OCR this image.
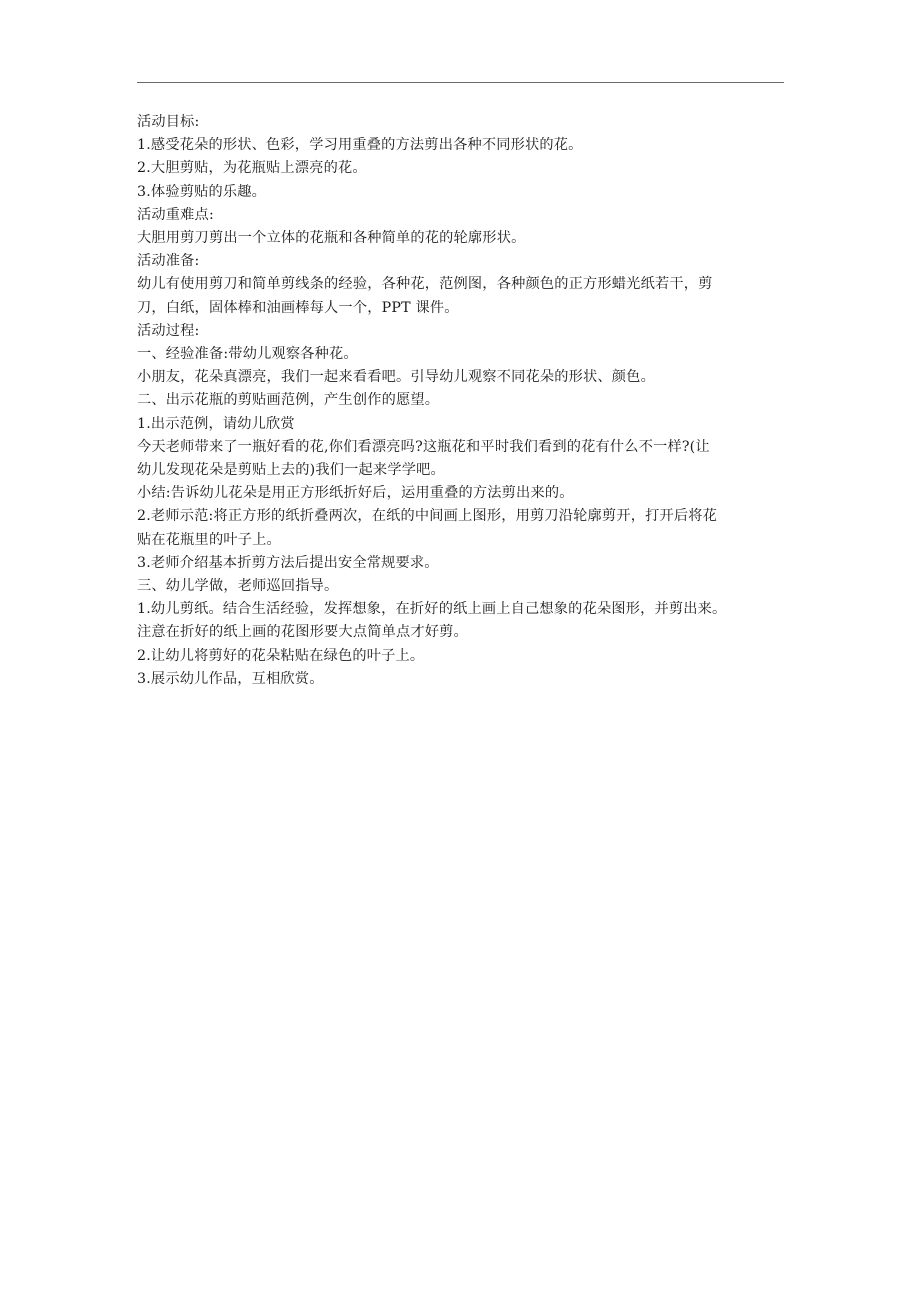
活动目标:
1.感受花朵的形状、色彩，学习用重叠的方法剪出各种不同形状的花。
2.大胆剪贴，为花瓶贴上漂亮的花。
3.体验剪贴的乐趣。
活动重难点:
大胆用剪刀剪出一个立体的花瓶和各种简单的花的轮廓形状。
活动准备:
幼儿有使用剪刀和简单剪线条的经验，各种花，范例图，各种颜色的正方形蜡光纸若干，剪
刀，白纸，固体棒和油画棒每人一个，PPT 课件。
活动过程:
一、经验准备:带幼儿观察各种花。
小朋友，花朵真漂亮，我们一起来看看吧。引导幼儿观察不同花朵的形状、颜色。
二、出示花瓶的剪贴画范例，产生创作的愿望。
1.出示范例，请幼儿欣赏
今天老师带来了一瓶好看的花,你们看漂亮吗?这瓶花和平时我们看到的花有什么不一样?(让
幼儿发现花朵是剪贴上去的)我们一起来学学吧。
小结:告诉幼儿花朵是用正方形纸折好后，运用重叠的方法剪出来的。
2.老师示范:将正方形的纸折叠两次，在纸的中间画上图形，用剪刀沿轮廓剪开，打开后将花
贴在花瓶里的叶子上。
3.老师介绍基本折剪方法后提出安全常规要求。
三、幼儿学做，老师巡回指导。
1.幼儿剪纸。结合生活经验，发挥想象，在折好的纸上画上自己想象的花朵图形，并剪出来。
注意在折好的纸上画的花图形要大点简单点才好剪。
2.让幼儿将剪好的花朵粘贴在绿色的叶子上。
3.展示幼儿作品，互相欣赏。
